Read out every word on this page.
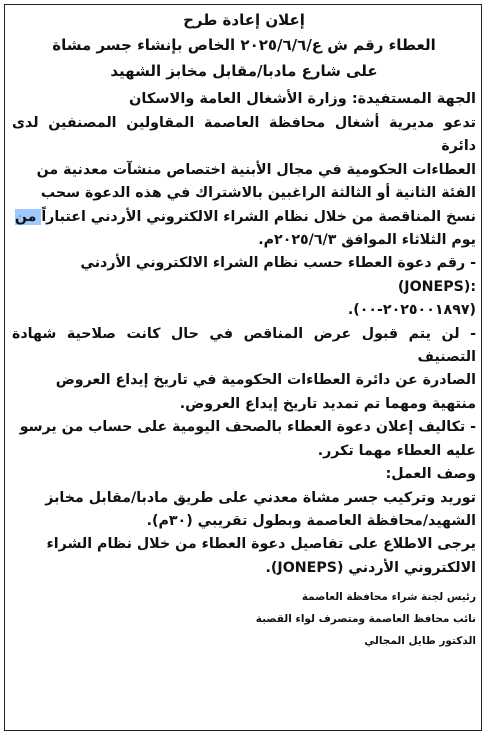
إعلان إعادة طرح

العطاء رقم ش ع/٢٠٢٥/٦/٦ الخاص بإنشاء جسر مشاة

على شارع مادبا/مقابل مخابز الشهيد

الجهة المستفيدة: وزارة الأشغال العامة والاسكان

تدعو مديرية أشغال محافظة العاصمة المقاولين المصنفين لدى دائرة

العطاءات الحكومية في مجال الأبنية اختصاص منشآت معدنية من

الفئة الثانية أو الثالثة الراغبين بالاشتراك في هذه الدعوة سحب

نسخ المناقصة من خلال نظام الشراء الالكتروني الأردني اعتباراً من

يوم الثلاثاء الموافق ٢٠٢٥/٦/٣م.

- رقم دعوة العطاء حسب نظام الشراء الالكتروني الأردني

(JONEPS):

(٢٠٢٥٠٠١٨٩٧-٠٠).

- لن يتم قبول عرض المناقص في حال كانت صلاحية شهادة التصنيف

الصادرة عن دائرة العطاءات الحكومية في تاريخ إيداع العروض

منتهية ومهما تم تمديد تاريخ إيداع العروض.

- تكاليف إعلان دعوة العطاء بالصحف اليومية على حساب من يرسو

عليه العطاء مهما تكرر.

وصف العمل:

توريد وتركيب جسر مشاة معدني على طريق مادبا/مقابل مخابز

الشهيد/محافظة العاصمة وبطول تقريبي (٣٠م).

يرجى الاطلاع على تفاصيل دعوة العطاء من خلال نظام الشراء

الالكتروني الأردني (JONEPS).

رئيس لجنة شراء محافظة العاصمة
نائب محافظ العاصمة ومتصرف لواء القصبة
الدكتور طايل المجالي
